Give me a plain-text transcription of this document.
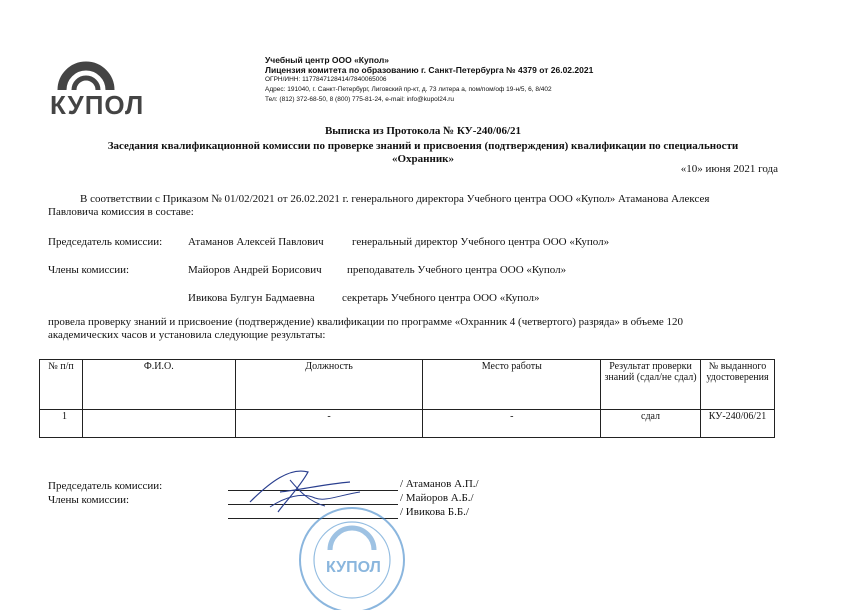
КУПОЛ
Учебный центр ООО «Купол»
Лицензия комитета по образованию г. Санкт-Петербурга № 4379 от 26.02.2021
ОГРН/ИНН: 1177847128414/7840065006
Адрес: 191040, г. Санкт-Петербург, Лиговский пр-кт, д. 73 литера а, пом/пом/оф 19-н/5, 6, 8/402
Тел: (812) 372-68-50, 8 (800) 775-81-24, e-mail: info@kupol24.ru
Выписка из Протокола № КУ-240/06/21
Заседания квалификационной комиссии по проверке знаний и присвоения (подтверждения) квалификации по специальности
«Охранник»
«10» июня 2021 года
В соответствии с Приказом № 01/02/2021 от 26.02.2021 г. генерального директора Учебного центра ООО «Купол» Атаманова Алексея
Павловича комиссия в составе:
Председатель комиссии: Атаманов Алексей Павлович	генеральный директор Учебного центра ООО «Купол»
Члены комиссии:	Майоров Андрей Борисович преподаватель Учебного центра ООО «Купол»
Ивикова Булгун Бадмаевна секретарь Учебного центра ООО «Купол»
провела проверку знаний и присвоение (подтверждение) квалификации по программе «Охранник 4 (четвертого) разряда» в объеме 120
академических часов и установила следующие результаты:
№ п/п	Ф.И.О.	Должность	Место работы	Результат проверки знаний (сдал/не сдал)	№ выданного удостоверения
1		-	-	сдал	КУ-240/06/21
Председатель комиссии:
Члены комиссии:
/ Атаманов А.П./
/ Майоров А.Б./
/ Ивикова Б.Б./
КУПОЛ
